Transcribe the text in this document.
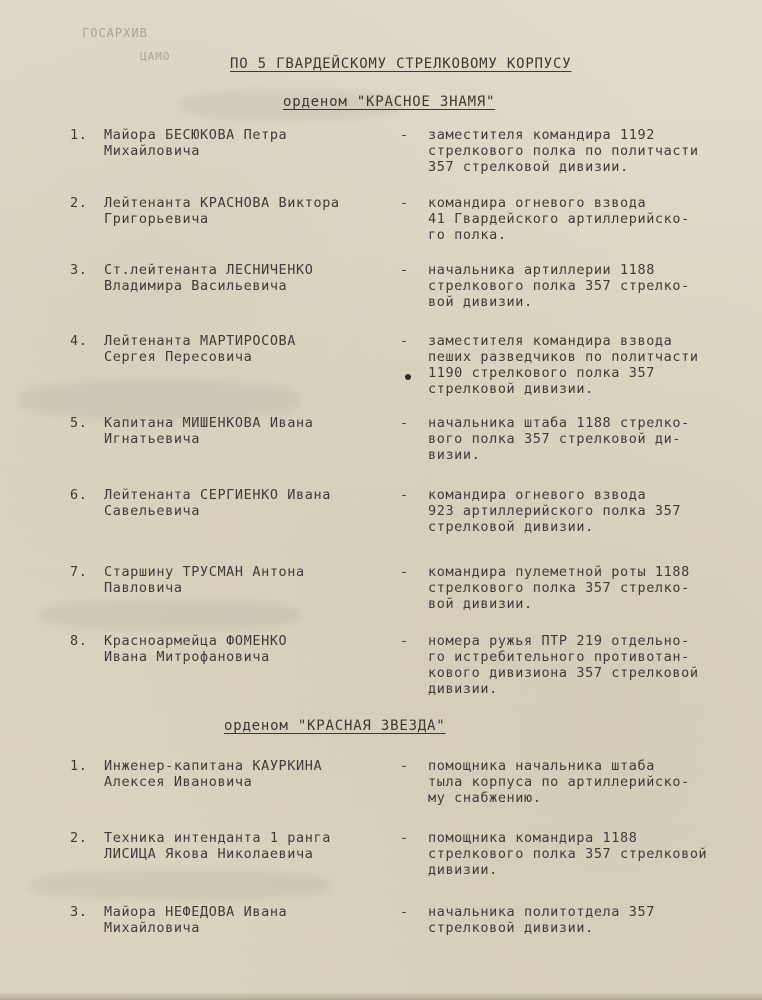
ГОСАРХИВ
ЦАМО	ПО 5 ГВАРДЕЙСКОМУ СТРЕЛКОВОМУ КОРПУСУ
орденом "КРАСНОЕ ЗНАМЯ"
1. Майора БЕСЮКОВА Петра
Михайловича
- заместителя командира 1192
стрелкового полка по политчасти
357 стрелковой дивизии.
2. Лейтенанта КРАСНОВА Виктора
Григорьевича
- командира огневого взвода
41 Гвардейского артиллерийско-
го полка.
3. Ст.лейтенанта ЛЕСНИЧЕНКО
Владимира Васильевича
- начальника артиллерии 1188
стрелкового полка 357 стрелко-
вой дивизии.
4. Лейтенанта МАРТИРОСОВА
Сергея Пересовича
- заместителя командира взвода
пеших разведчиков по политчасти
1190 стрелкового полка 357
стрелковой дивизии.
5. Капитана МИШЕНКОВА Ивана
Игнатьевича
- начальника штаба 1188 стрелко-
вого полка 357 стрелковой ди-
визии.
6. Лейтенанта СЕРГИЕНКО Ивана
Савельевича
- командира огневого взвода
923 артиллерийского полка 357
стрелковой дивизии.
7. Старшину ТРУСМАН Антона
Павловича
- командира пулеметной роты 1188
стрелкового полка 357 стрелко-
вой дивизии.
8. Красноармейца ФОМЕНКО
Ивана Митрофановича
- номера ружья ПТР 219 отдельно-
го истребительного противотан-
кового дивизиона 357 стрелковой
дивизии.
орденом "КРАСНАЯ ЗВЕЗДА"
1. Инженер-капитана КАУРКИНА
Алексея Ивановича
- помощника начальника штаба
тыла корпуса по артиллерийско-
му снабжению.
2. Техника интенданта 1 ранга
ЛИСИЦА Якова Николаевича
- помощника командира 1188
стрелкового полка 357 стрелковой
дивизии.
3. Майора НЕФЕДОВА Ивана
Михайловича
- начальника политотдела 357
стрелковой дивизии.
